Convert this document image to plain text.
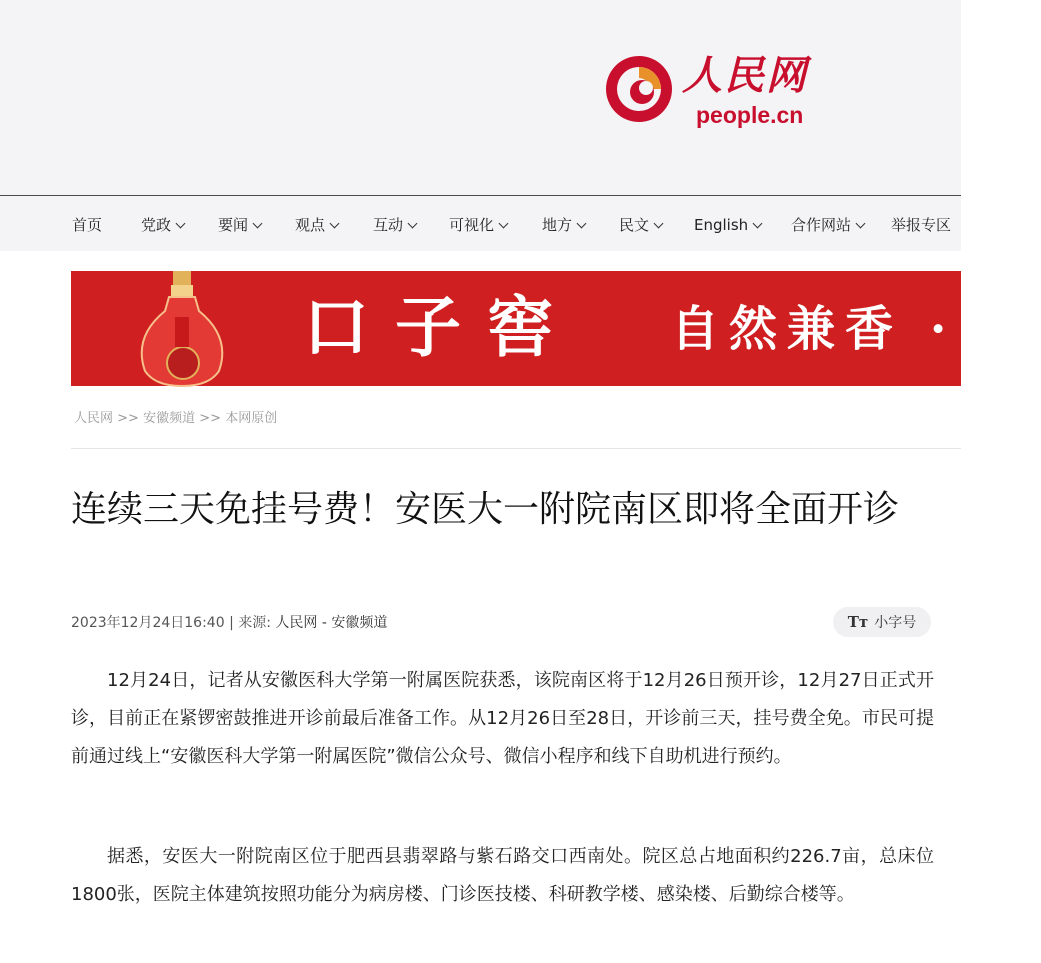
人民网
people.cn
首页	党政	要闻	观点	互动	可视化	地方	民文	English	合作网站	举报专区
口子窖 自然兼香 · 非
人民网 >> 安徽频道 >> 本网原创
连续三天免挂号费！安医大一附院南区即将全面开诊
2023年12月24日16:40 | 来源: 人民网 - 安徽频道	Tт 小字号

12月24日，记者从安徽医科大学第一附属医院获悉，该院南区将于12月26日预开诊，12月27日正式开诊，目前正在紧锣密鼓推进开诊前最后准备工作。从12月26日至28日，开诊前三天，挂号费全免。市民可提前通过线上“安徽医科大学第一附属医院”微信公众号、微信小程序和线下自助机进行预约。

据悉，安医大一附院南区位于肥西县翡翠路与紫石路交口西南处。院区总占地面积约226.7亩，总床位1800张，医院主体建筑按照功能分为病房楼、门诊医技楼、科研教学楼、感染楼、后勤综合楼等。
